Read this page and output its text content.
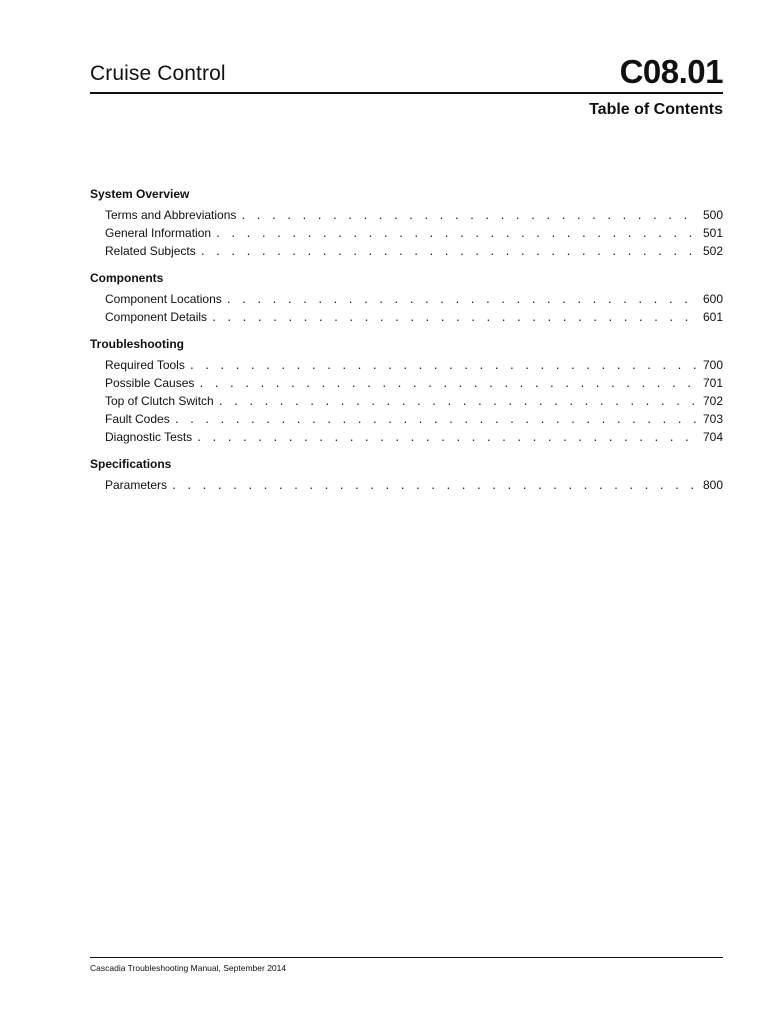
Cruise Control	C08.01
Table of Contents
System Overview
Terms and Abbreviations . . .	500
General Information . . .	501
Related Subjects . . .	502
Components
Component Locations . . .	600
Component Details . . .	601
Troubleshooting
Required Tools . . .	700
Possible Causes . . .	701
Top of Clutch Switch . . .	702
Fault Codes . . .	703
Diagnostic Tests . . .	704
Specifications
Parameters . . .	800
Cascadia Troubleshooting Manual, September 2014
